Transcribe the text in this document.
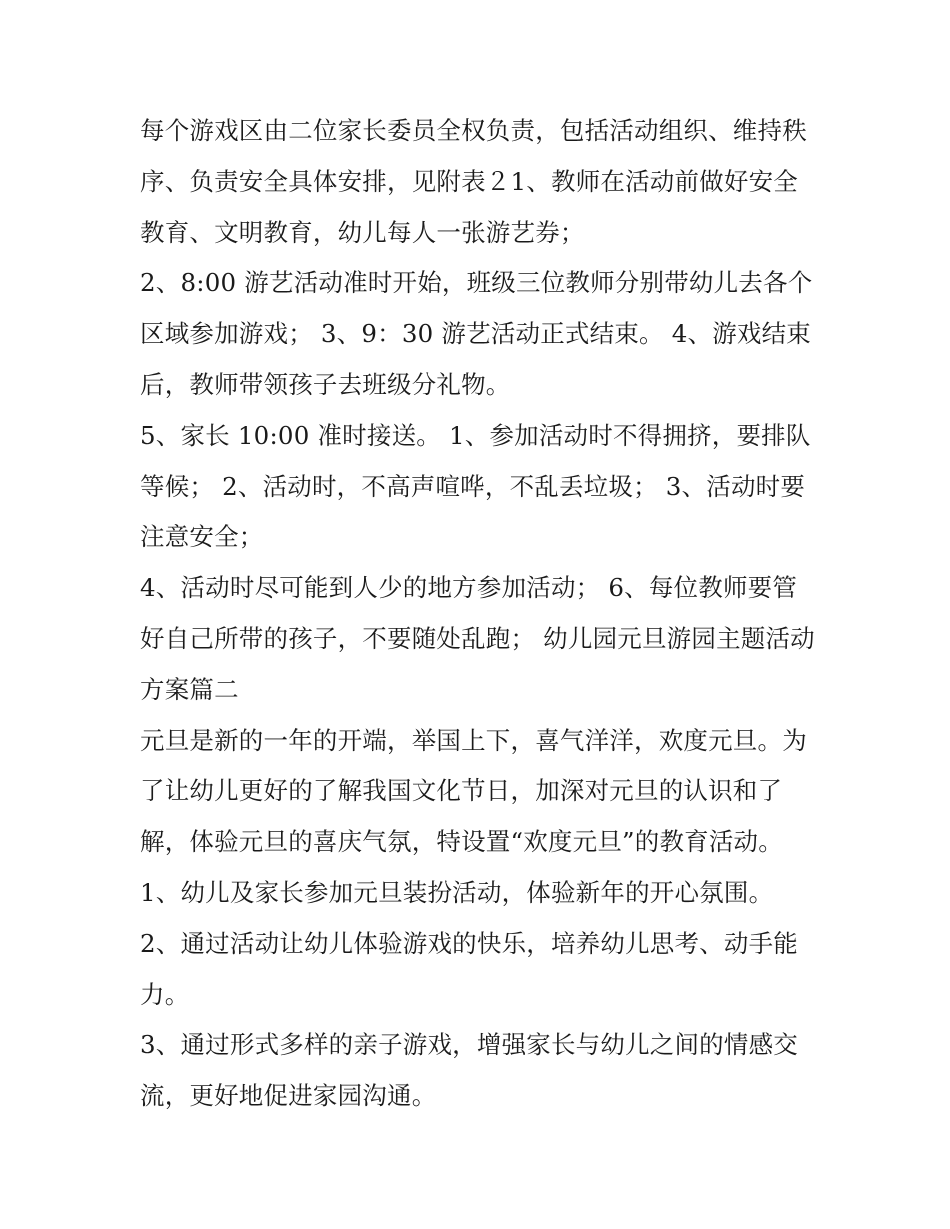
每个游戏区由二位家长委员全权负责，包括活动组织、维持秩序、负责安全具体安排，见附表２1、教师在活动前做好安全教育、文明教育，幼儿每人一张游艺券；

2、8:00 游艺活动准时开始，班级三位教师分别带幼儿去各个区域参加游戏； 3、9：30 游艺活动正式结束。 4、游戏结束后，教师带领孩子去班级分礼物。

5、家长 10:00 准时接送。 1、参加活动时不得拥挤，要排队等候； 2、活动时，不高声喧哗，不乱丢垃圾； 3、活动时要注意安全；

4、活动时尽可能到人少的地方参加活动； 6、每位教师要管好自己所带的孩子，不要随处乱跑； 幼儿园元旦游园主题活动方案篇二

元旦是新的一年的开端，举国上下，喜气洋洋，欢度元旦。为了让幼儿更好的了解我国文化节日，加深对元旦的认识和了解，体验元旦的喜庆气氛，特设置“欢度元旦”的教育活动。

1、幼儿及家长参加元旦装扮活动，体验新年的开心氛围。

2、通过活动让幼儿体验游戏的快乐，培养幼儿思考、动手能力。

3、通过形式多样的亲子游戏，增强家长与幼儿之间的情感交流，更好地促进家园沟通。
